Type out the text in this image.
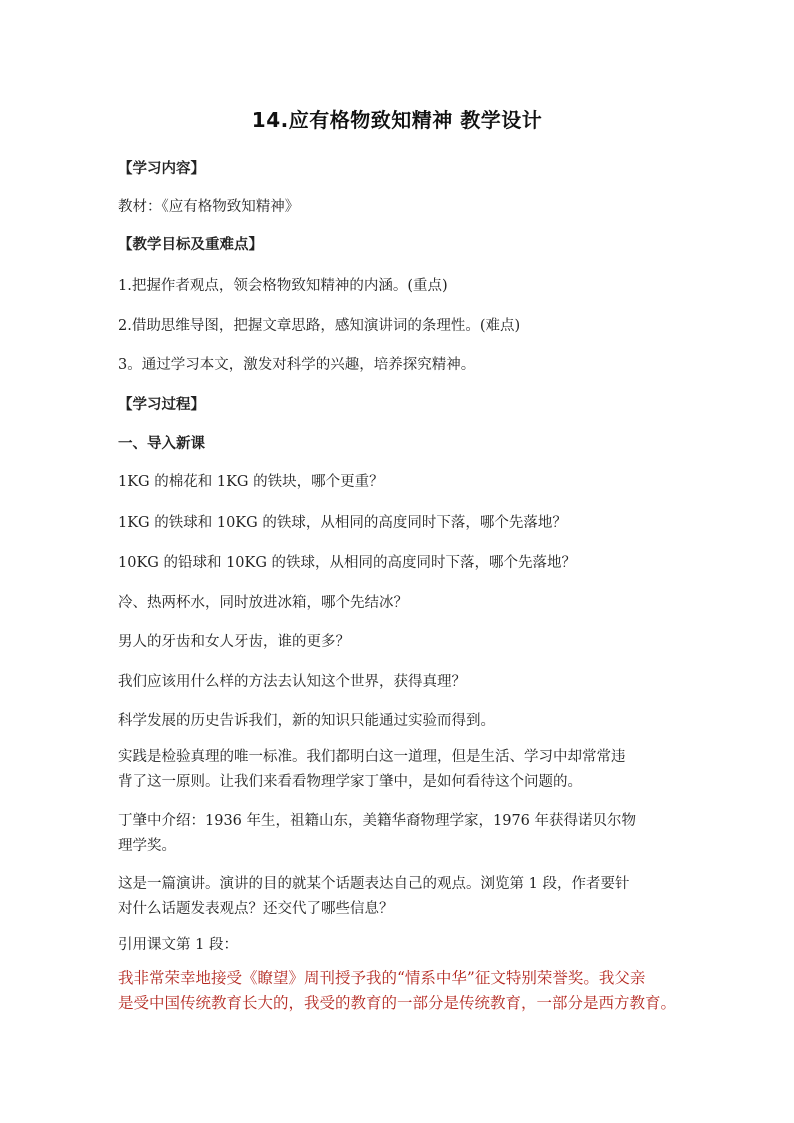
14.应有格物致知精神 教学设计
【学习内容】
教材：《应有格物致知精神》
【教学目标及重难点】
1.把握作者观点，领会格物致知精神的内涵。(重点)
2.借助思维导图，把握文章思路，感知演讲词的条理性。(难点)
3。通过学习本文，激发对科学的兴趣，培养探究精神。
【学习过程】
一、导入新课
1KG 的棉花和 1KG 的铁块，哪个更重？
1KG 的铁球和 10KG 的铁球，从相同的高度同时下落，哪个先落地？
10KG 的铅球和 10KG 的铁球，从相同的高度同时下落，哪个先落地？
冷、热两杯水，同时放进冰箱，哪个先结冰？
男人的牙齿和女人牙齿，谁的更多？
我们应该用什么样的方法去认知这个世界，获得真理？
科学发展的历史告诉我们，新的知识只能通过实验而得到。
实践是检验真理的唯一标准。我们都明白这一道理，但是生活、学习中却常常违
背了这一原则。让我们来看看物理学家丁肇中，是如何看待这个问题的。
丁肇中介绍：1936 年生，祖籍山东，美籍华裔物理学家，1976 年获得诺贝尔物
理学奖。
这是一篇演讲。演讲的目的就某个话题表达自己的观点。浏览第 1 段，作者要针
对什么话题发表观点？还交代了哪些信息？
引用课文第 1 段：
我非常荣幸地接受《瞭望》周刊授予我的“情系中华”征文特别荣誉奖。我父亲
是受中国传统教育长大的，我受的教育的一部分是传统教育，一部分是西方教育。
